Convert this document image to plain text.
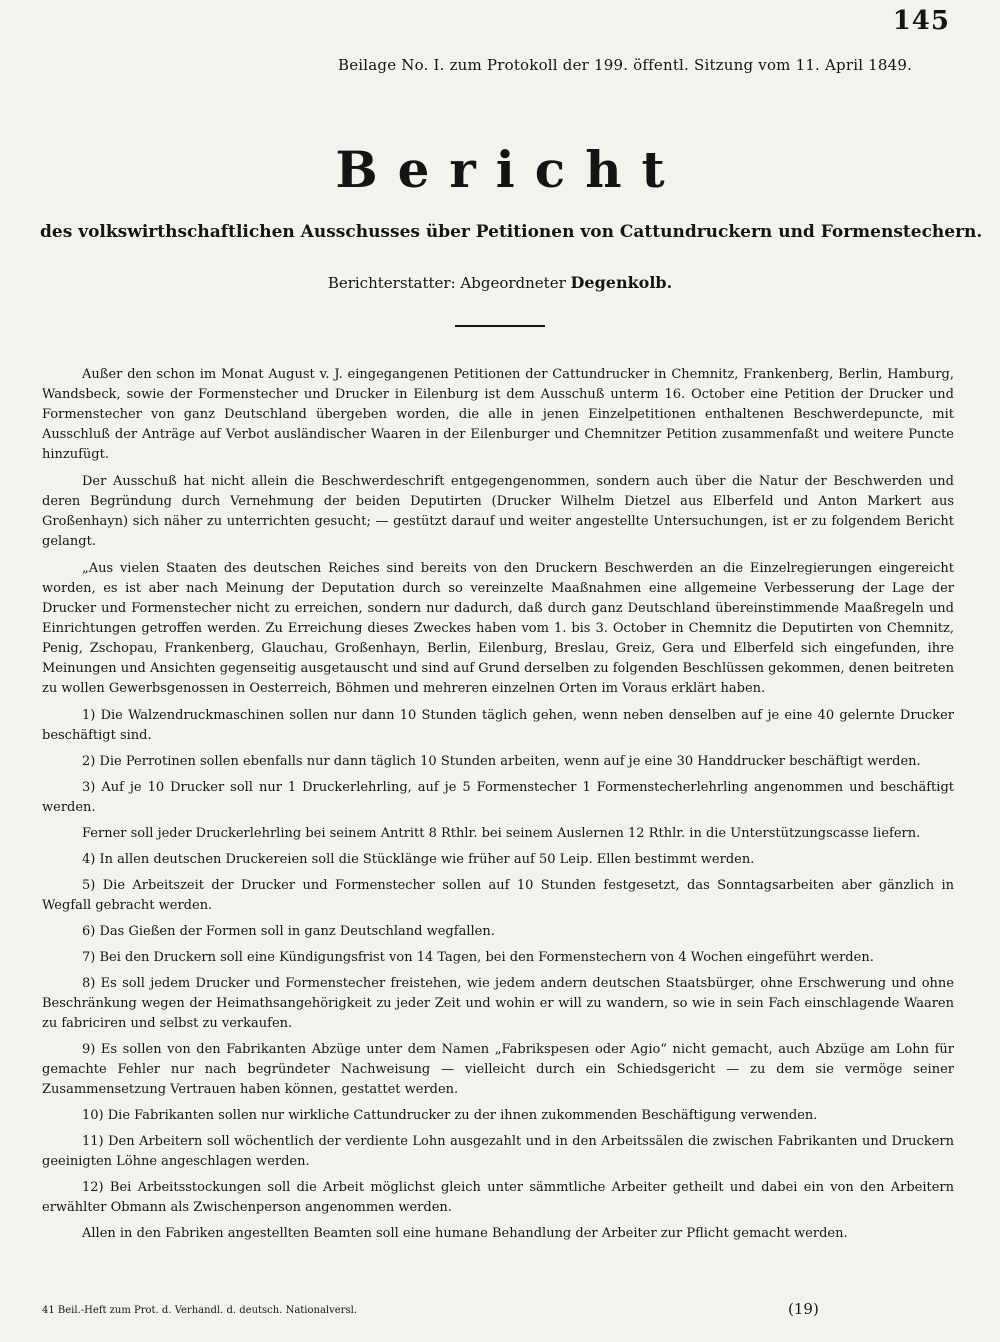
145
Beilage No. I. zum Protokoll der 199. öffentl. Sitzung vom 11. April 1849.
Bericht
des volkswirthschaftlichen Ausschusses über Petitionen von Cattundruckern und Formenstechern.
Berichterstatter: Abgeordneter Degenkolb.

Außer den schon im Monat August v. J. eingegangenen Petitionen der Cattundrucker in Chemnitz, Frankenberg, Berlin, Hamburg, Wandsbeck, sowie der Formenstecher und Drucker in Eilenburg ist dem Ausschuß unterm 16. October eine Petition der Drucker und Formenstecher von ganz Deutschland übergeben worden, die alle in jenen Einzelpetitionen enthaltenen Beschwerdepuncte, mit Ausschluß der Anträge auf Verbot ausländischer Waaren in der Eilenburger und Chemnitzer Petition zusammenfaßt und weitere Puncte hinzufügt.

Der Ausschuß hat nicht allein die Beschwerdeschrift entgegengenommen, sondern auch über die Natur der Beschwerden und deren Begründung durch Vernehmung der beiden Deputirten (Drucker Wilhelm Dietzel aus Elberfeld und Anton Markert aus Großenhayn) sich näher zu unterrichten gesucht; — gestützt darauf und weiter angestellte Untersuchungen, ist er zu folgendem Bericht gelangt.

„Aus vielen Staaten des deutschen Reiches sind bereits von den Druckern Beschwerden an die Einzelregierungen eingereicht worden, es ist aber nach Meinung der Deputation durch so vereinzelte Maaßnahmen eine allgemeine Verbesserung der Lage der Drucker und Formenstecher nicht zu erreichen, sondern nur dadurch, daß durch ganz Deutschland übereinstimmende Maaßregeln und Einrichtungen getroffen werden. Zu Erreichung dieses Zweckes haben vom 1. bis 3. October in Chemnitz die Deputirten von Chemnitz, Penig, Zschopau, Frankenberg, Glauchau, Großenhayn, Berlin, Eilenburg, Breslau, Greiz, Gera und Elberfeld sich eingefunden, ihre Meinungen und Ansichten gegenseitig ausgetauscht und sind auf Grund derselben zu folgenden Beschlüssen gekommen, denen beitreten zu wollen Gewerbsgenossen in Oesterreich, Böhmen und mehreren einzelnen Orten im Voraus erklärt haben.

1) Die Walzendruckmaschinen sollen nur dann 10 Stunden täglich gehen, wenn neben denselben auf je eine 40 gelernte Drucker beschäftigt sind.

2) Die Perrotinen sollen ebenfalls nur dann täglich 10 Stunden arbeiten, wenn auf je eine 30 Handdrucker beschäftigt werden.

3) Auf je 10 Drucker soll nur 1 Druckerlehrling, auf je 5 Formenstecher 1 Formenstecherlehrling angenommen und beschäftigt werden.

Ferner soll jeder Druckerlehrling bei seinem Antritt 8 Rthlr. bei seinem Auslernen 12 Rthlr. in die Unterstützungscasse liefern.

4) In allen deutschen Druckereien soll die Stücklänge wie früher auf 50 Leip. Ellen bestimmt werden.

5) Die Arbeitszeit der Drucker und Formenstecher sollen auf 10 Stunden festgesetzt, das Sonntagsarbeiten aber gänzlich in Wegfall gebracht werden.

6) Das Gießen der Formen soll in ganz Deutschland wegfallen.

7) Bei den Druckern soll eine Kündigungsfrist von 14 Tagen, bei den Formenstechern von 4 Wochen eingeführt werden.

8) Es soll jedem Drucker und Formenstecher freistehen, wie jedem andern deutschen Staatsbürger, ohne Erschwerung und ohne Beschränkung wegen der Heimathsangehörigkeit zu jeder Zeit und wohin er will zu wandern, so wie in sein Fach einschlagende Waaren zu fabriciren und selbst zu verkaufen.

9) Es sollen von den Fabrikanten Abzüge unter dem Namen „Fabrikspesen oder Agio“ nicht gemacht, auch Abzüge am Lohn für gemachte Fehler nur nach begründeter Nachweisung — vielleicht durch ein Schiedsgericht — zu dem sie vermöge seiner Zusammensetzung Vertrauen haben können, gestattet werden.

10) Die Fabrikanten sollen nur wirkliche Cattundrucker zu der ihnen zukommenden Beschäftigung verwenden.

11) Den Arbeitern soll wöchentlich der verdiente Lohn ausgezahlt und in den Arbeitssälen die zwischen Fabrikanten und Druckern geeinigten Löhne angeschlagen werden.

12) Bei Arbeitsstockungen soll die Arbeit möglichst gleich unter sämmtliche Arbeiter getheilt und dabei ein von den Arbeitern erwählter Obmann als Zwischenperson angenommen werden.

Allen in den Fabriken angestellten Beamten soll eine humane Behandlung der Arbeiter zur Pflicht gemacht werden.

41 Beil.-Heft zum Prot. d. Verhandl. d. deutsch. Nationalversl.	(19)
